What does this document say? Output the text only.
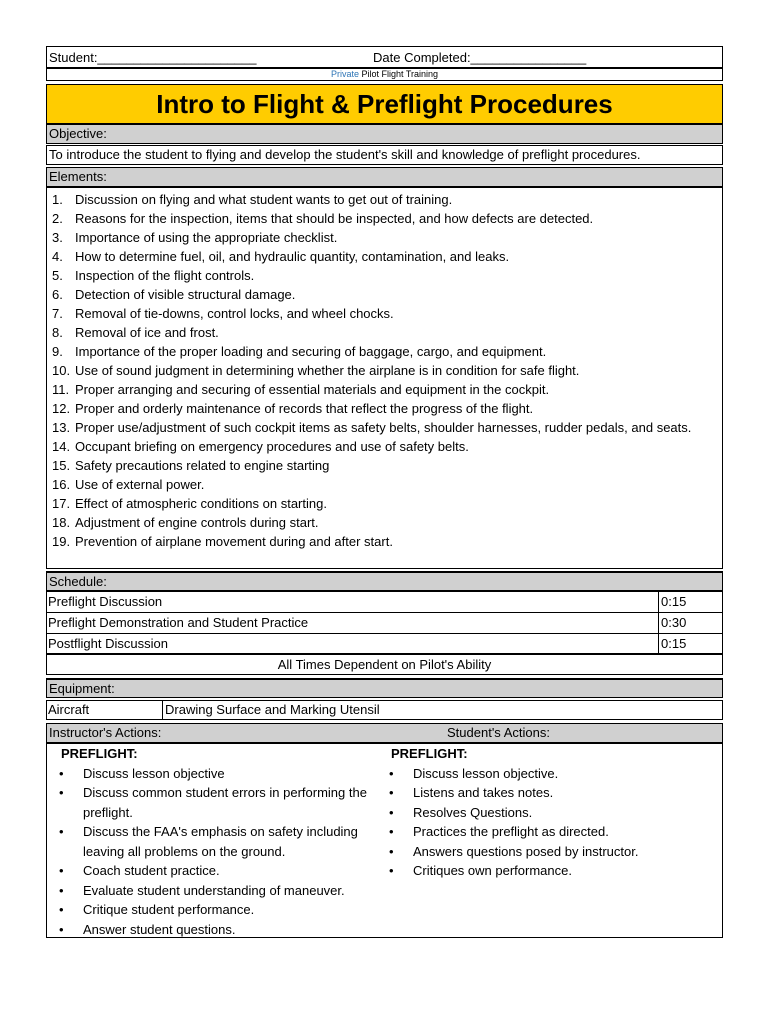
Student:______________________	Date Completed:________________
Private Pilot Flight Training
Intro to Flight & Preflight Procedures
Objective:
To introduce the student to flying and develop the student's skill and knowledge of preflight procedures.
Elements:
1. Discussion on flying and what student wants to get out of training.
2. Reasons for the inspection, items that should be inspected, and how defects are detected.
3. Importance of using the appropriate checklist.
4. How to determine fuel, oil, and hydraulic quantity, contamination, and leaks.
5. Inspection of the flight controls.
6. Detection of visible structural damage.
7. Removal of tie-downs, control locks, and wheel chocks.
8. Removal of ice and frost.
9. Importance of the proper loading and securing of baggage, cargo, and equipment.
10. Use of sound judgment in determining whether the airplane is in condition for safe flight.
11. Proper arranging and securing of essential materials and equipment in the cockpit.
12. Proper and orderly maintenance of records that reflect the progress of the flight.
13. Proper use/adjustment of such cockpit items as safety belts, shoulder harnesses, rudder pedals, and seats.
14. Occupant briefing on emergency procedures and use of safety belts.
15. Safety precautions related to engine starting
16. Use of external power.
17. Effect of atmospheric conditions on starting.
18. Adjustment of engine controls during start.
19. Prevention of airplane movement during and after start.
Schedule:
Preflight Discussion	0:15
Preflight Demonstration and Student Practice	0:30
Postflight Discussion	0:15
All Times Dependent on Pilot's Ability
Equipment:
Aircraft	Drawing Surface and Marking Utensil
Instructor's Actions:	Student's Actions:
PREFLIGHT:
• Discuss lesson objective
• Discuss common student errors in performing the preflight.
• Discuss the FAA's emphasis on safety including leaving all problems on the ground.
• Coach student practice.
• Evaluate student understanding of maneuver.
• Critique student performance.
• Answer student questions.
PREFLIGHT:
• Discuss lesson objective.
• Listens and takes notes.
• Resolves Questions.
• Practices the preflight as directed.
• Answers questions posed by instructor.
• Critiques own performance.
